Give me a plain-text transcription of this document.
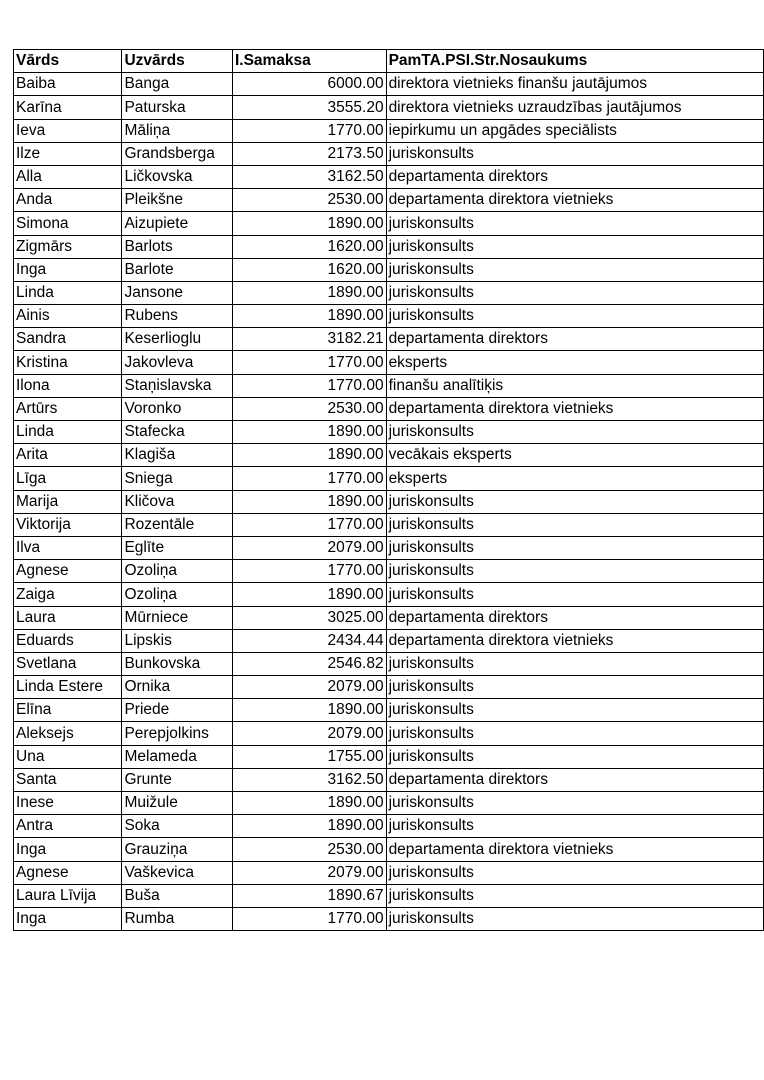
Vārds	Uzvārds	I.Samaksa	PamTA.PSI.Str.Nosaukums
Baiba	Banga	6000.00	direktora vietnieks finanšu jautājumos
Karīna	Paturska	3555.20	direktora vietnieks uzraudzības jautājumos
Ieva	Māliņa	1770.00	iepirkumu un apgādes speciālists
Ilze	Grandsberga	2173.50	juriskonsults
Alla	Ličkovska	3162.50	departamenta direktors
Anda	Pleikšne	2530.00	departamenta direktora vietnieks
Simona	Aizupiete	1890.00	juriskonsults
Zigmārs	Barlots	1620.00	juriskonsults
Inga	Barlote	1620.00	juriskonsults
Linda	Jansone	1890.00	juriskonsults
Ainis	Rubens	1890.00	juriskonsults
Sandra	Keserlioglu	3182.21	departamenta direktors
Kristina	Jakovleva	1770.00	eksperts
Ilona	Staņislavska	1770.00	finanšu analītiķis
Artūrs	Voronko	2530.00	departamenta direktora vietnieks
Linda	Stafecka	1890.00	juriskonsults
Arita	Klagiša	1890.00	vecākais eksperts
Līga	Sniega	1770.00	eksperts
Marija	Kličova	1890.00	juriskonsults
Viktorija	Rozentāle	1770.00	juriskonsults
Ilva	Eglīte	2079.00	juriskonsults
Agnese	Ozoliņa	1770.00	juriskonsults
Zaiga	Ozoliņa	1890.00	juriskonsults
Laura	Mūrniece	3025.00	departamenta direktors
Eduards	Lipskis	2434.44	departamenta direktora vietnieks
Svetlana	Bunkovska	2546.82	juriskonsults
Linda Estere	Ornika	2079.00	juriskonsults
Elīna	Priede	1890.00	juriskonsults
Aleksejs	Perepjolkins	2079.00	juriskonsults
Una	Melameda	1755.00	juriskonsults
Santa	Grunte	3162.50	departamenta direktors
Inese	Muižule	1890.00	juriskonsults
Antra	Soka	1890.00	juriskonsults
Inga	Grauziņa	2530.00	departamenta direktora vietnieks
Agnese	Vaškevica	2079.00	juriskonsults
Laura Līvija	Buša	1890.67	juriskonsults
Inga	Rumba	1770.00	juriskonsults
